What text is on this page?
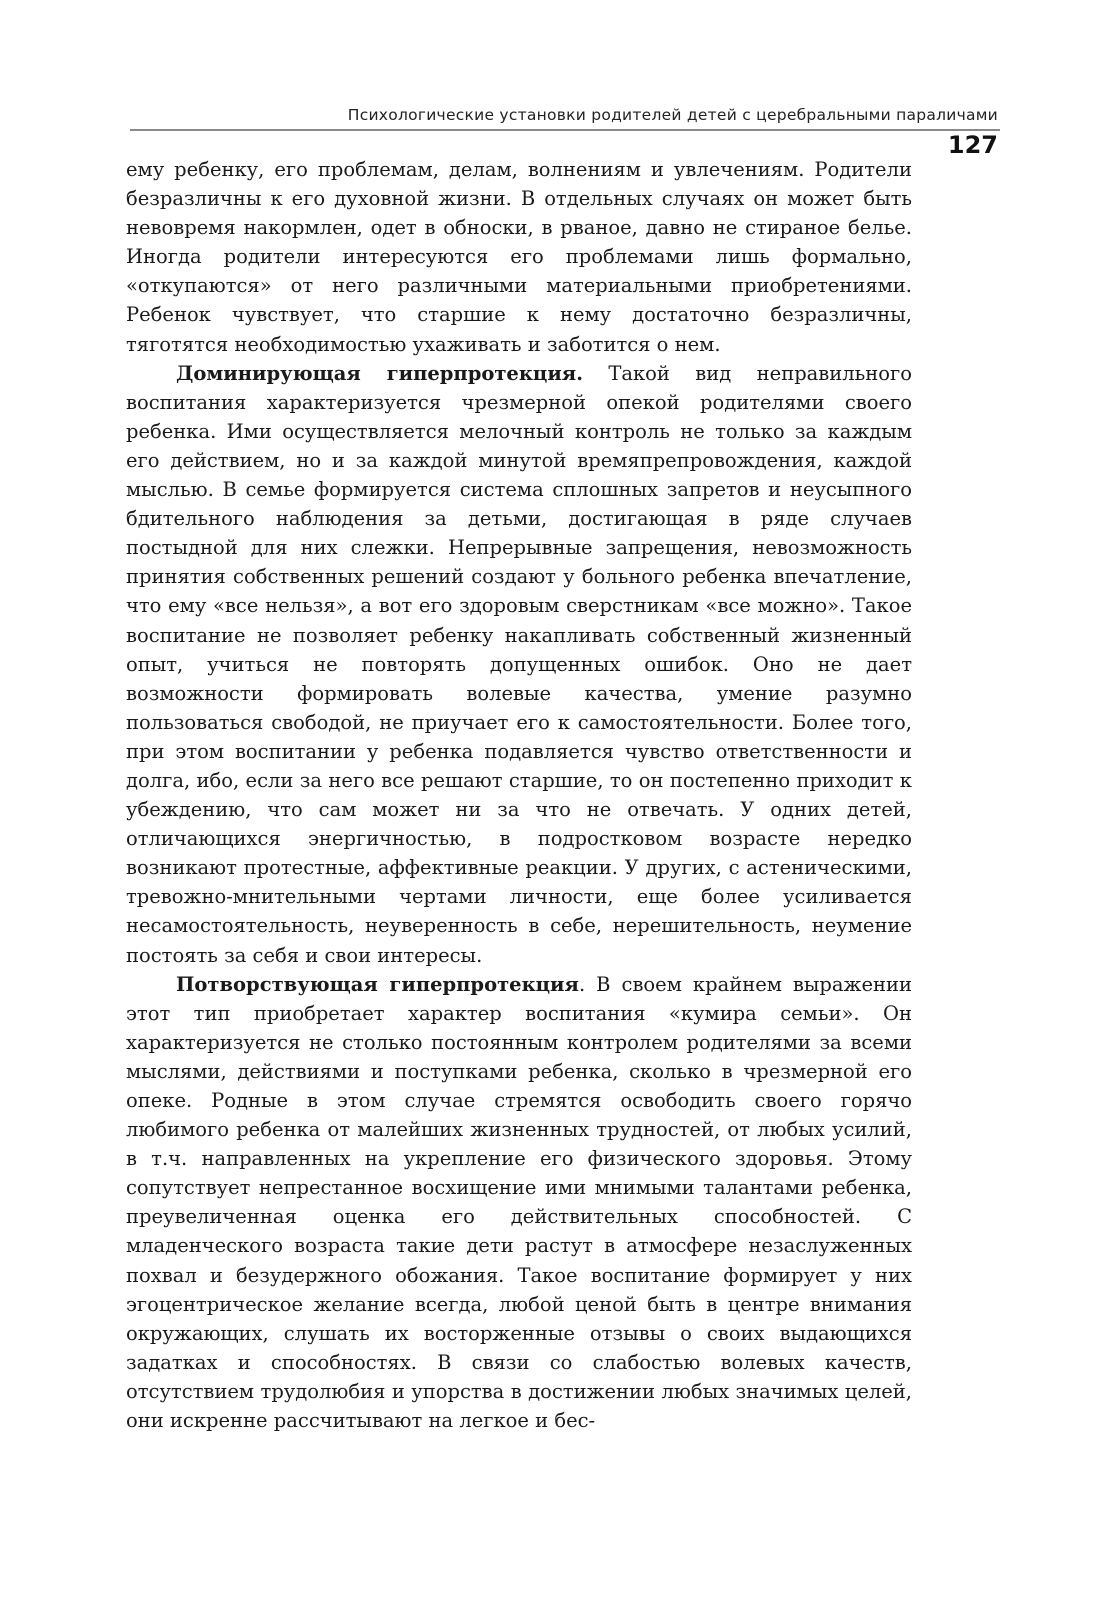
Психологические установки родителей детей с церебральными параличами
127

ему ребенку, его проблемам, делам, волнениям и увлечениям. Родители безразличны к его духовной жизни. В отдельных случаях он может быть невовремя накормлен, одет в обноски, в рваное, давно не стираное белье. Иногда родители интересуются его проблемами лишь формально, «откупаются» от него различными материальными приобретениями. Ребенок чувствует, что старшие к нему достаточно безразличны, тяготятся необходимостью ухаживать и заботится о нем.

Доминирующая гиперпротекция. Такой вид неправильного воспитания характеризуется чрезмерной опекой родителями своего ребенка. Ими осуществляется мелочный контроль не только за каждым его действием, но и за каждой минутой времяпрепровождения, каждой мыслью. В семье формируется система сплошных запретов и неусыпного бдительного наблюдения за детьми, достигающая в ряде случаев постыдной для них слежки. Непрерывные запрещения, невозможность принятия собственных решений создают у больного ребенка впечатление, что ему «все нельзя», а вот его здоровым сверстникам «все можно». Такое воспитание не позволяет ребенку накапливать собственный жизненный опыт, учиться не повторять допущенных ошибок. Оно не дает возможности формировать волевые качества, умение разумно пользоваться свободой, не приучает его к самостоятельности. Более того, при этом воспитании у ребенка подавляется чувство ответственности и долга, ибо, если за него все решают старшие, то он постепенно приходит к убеждению, что сам может ни за что не отвечать. У одних детей, отличающихся энергичностью, в подростковом возрасте нередко возникают протестные, аффективные реакции. У других, с астеническими, тревожно-мнительными чертами личности, еще более усиливается несамостоятельность, неуверенность в себе, нерешительность, неумение постоять за себя и свои интересы.

Потворствующая гиперпротекция. В своем крайнем выражении этот тип приобретает характер воспитания «кумира семьи». Он характеризуется не столько постоянным контролем родителями за всеми мыслями, действиями и поступками ребенка, сколько в чрезмерной его опеке. Родные в этом случае стремятся освободить своего горячо любимого ребенка от малейших жизненных трудностей, от любых усилий, в т.ч. направленных на укрепление его физического здоровья. Этому сопутствует непрестанное восхищение ими мнимыми талантами ребенка, преувеличенная оценка его действительных способностей. С младенческого возраста такие дети растут в атмосфере незаслуженных похвал и безудержного обожания. Такое воспитание формирует у них эгоцентрическое желание всегда, любой ценой быть в центре внимания окружающих, слушать их восторженные отзывы о своих выдающихся задатках и способностях. В связи со слабостью волевых качеств, отсутствием трудолюбия и упорства в достижении любых значимых целей, они искренне рассчитывают на легкое и бес-
